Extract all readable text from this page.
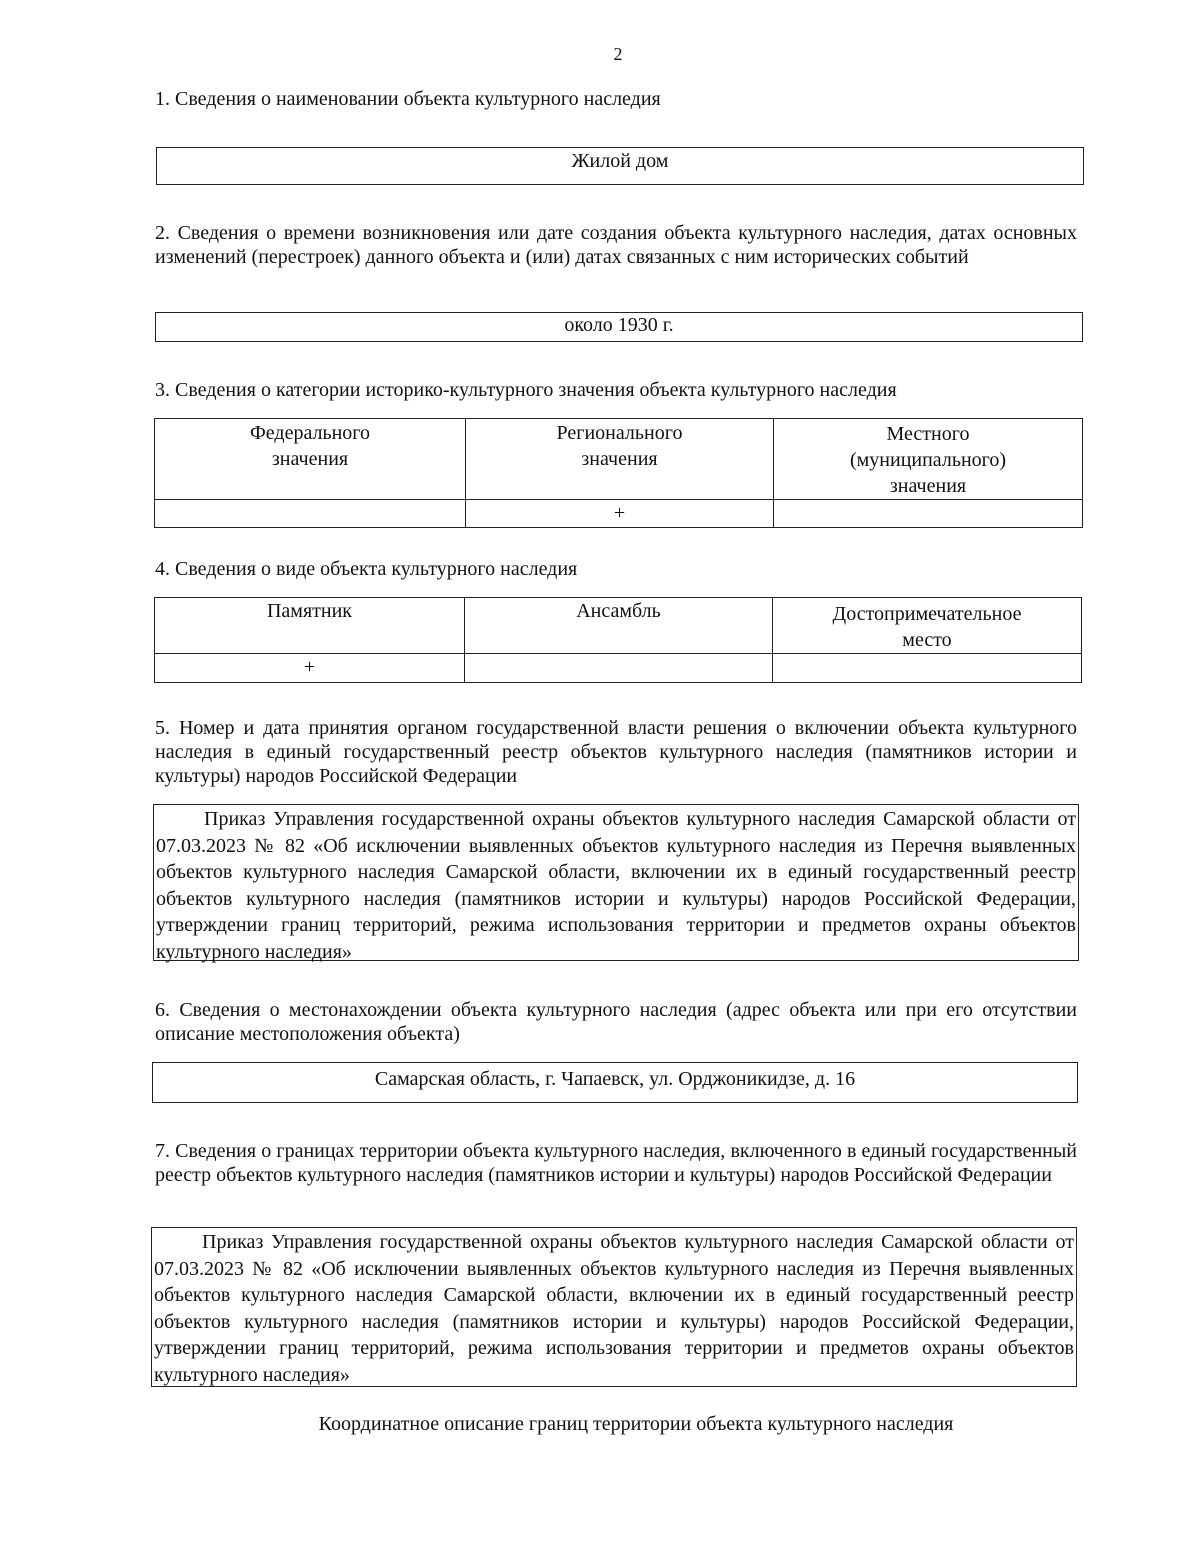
2
1. Сведения о наименовании объекта культурного наследия
Жилой дом
2. Сведения о времени возникновения или дате создания объекта культурного наследия, датах основных изменений (перестроек) данного объекта и (или) датах связанных с ним исторических событий
около 1930 г.
3. Сведения о категории историко-культурного значения объекта культурного наследия
Федерального значения	Регионального значения	Местного (муниципального) значения

	+	
4. Сведения о виде объекта культурного наследия
Памятник	Ансамбль	Достопримечательное место

+		
5. Номер и дата принятия органом государственной власти решения о включении объекта культурного наследия в единый государственный реестр объектов культурного наследия (памятников истории и культуры) народов Российской Федерации
Приказ Управления государственной охраны объектов культурного наследия Самарской области от 07.03.2023 № 82 «Об исключении выявленных объектов культурного наследия из Перечня выявленных объектов культурного наследия Самарской области, включении их в единый государственный реестр объектов культурного наследия (памятников истории и культуры) народов Российской Федерации, утверждении границ территорий, режима использования территории и предметов охраны объектов культурного наследия»
6. Сведения о местонахождении объекта культурного наследия (адрес объекта или при его отсутствии описание местоположения объекта)
Самарская область, г. Чапаевск, ул. Орджоникидзе, д. 16
7. Сведения о границах территории объекта культурного наследия, включенного в единый государственный реестр объектов культурного наследия (памятников истории и культуры) народов Российской Федерации
Приказ Управления государственной охраны объектов культурного наследия Самарской области от 07.03.2023 № 82 «Об исключении выявленных объектов культурного наследия из Перечня выявленных объектов культурного наследия Самарской области, включении их в единый государственный реестр объектов культурного наследия (памятников истории и культуры) народов Российской Федерации, утверждении границ территорий, режима использования территории и предметов охраны объектов культурного наследия»
Координатное описание границ территории объекта культурного наследия
